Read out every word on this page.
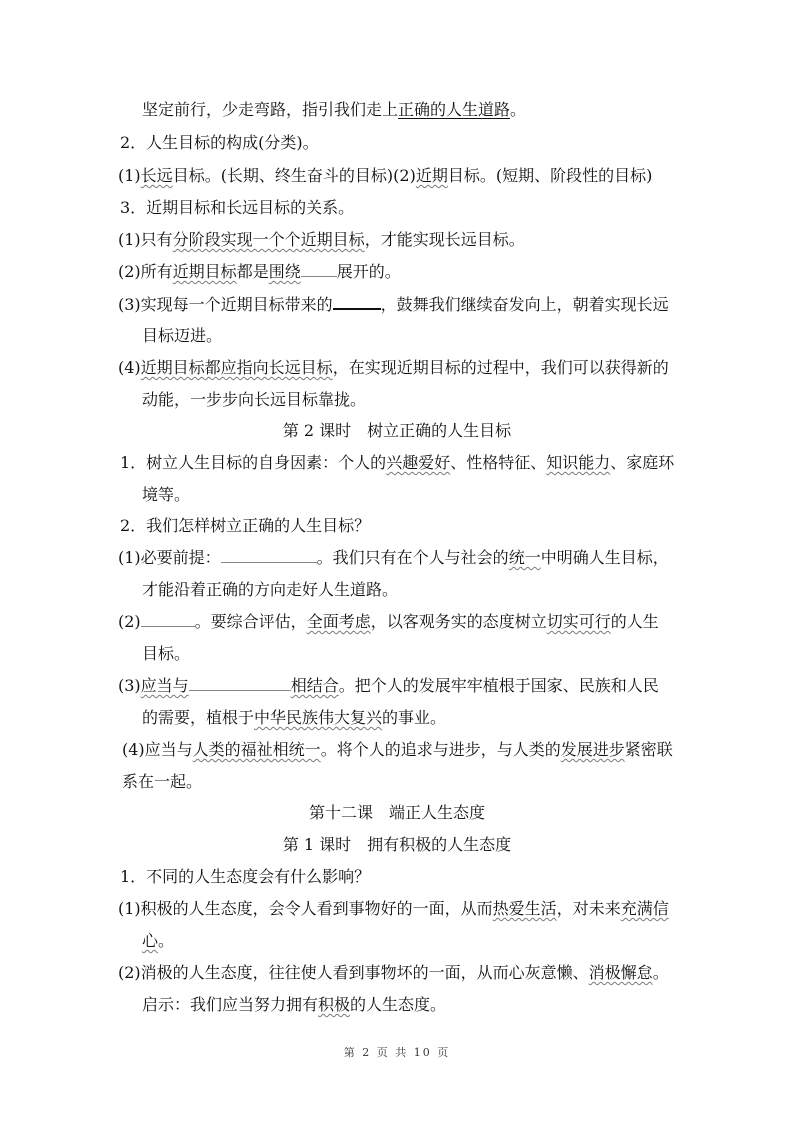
坚定前行，少走弯路，指引我们走上正确的人生道路。
2．人生目标的构成(分类)。
(1)长远目标。(长期、终生奋斗的目标)(2)近期目标。(短期、阶段性的目标)
3．近期目标和长远目标的关系。
(1)只有分阶段实现一个个近期目标，才能实现长远目标。
(2)所有近期目标都是围绕 展开的。
(3)实现每一个近期目标带来的	，鼓舞我们继续奋发向上，朝着实现长远
目标迈进。
(4)近期目标都应指向长远目标，在实现近期目标的过程中，我们可以获得新的
动能，一步步向长远目标靠拢。
第 2 课时　树立正确的人生目标
1．树立人生目标的自身因素：个人的兴趣爱好、性格特征、知识能力、家庭环
境等。
2．我们怎样树立正确的人生目标？
(1)必要前提：	。我们只有在个人与社会的统一中明确人生目标，
才能沿着正确的方向走好人生道路。
(2)	。要综合评估，全面考虑，以客观务实的态度树立切实可行的人生
目标。
(3)应当与	相结合。把个人的发展牢牢植根于国家、民族和人民
的需要，植根于中华民族伟大复兴的事业。
(4)应当与人类的福祉相统一。将个人的追求与进步，与人类的发展进步紧密联
系在一起。
第十二课　端正人生态度
第 1 课时　拥有积极的人生态度
1．不同的人生态度会有什么影响？
(1)积极的人生态度，会令人看到事物好的一面，从而热爱生活，对未来充满信
心。
(2)消极的人生态度，往往使人看到事物坏的一面，从而心灰意懒、消极懈怠。
启示：我们应当努力拥有积极的人生态度。
第 2 页 共 10 页
